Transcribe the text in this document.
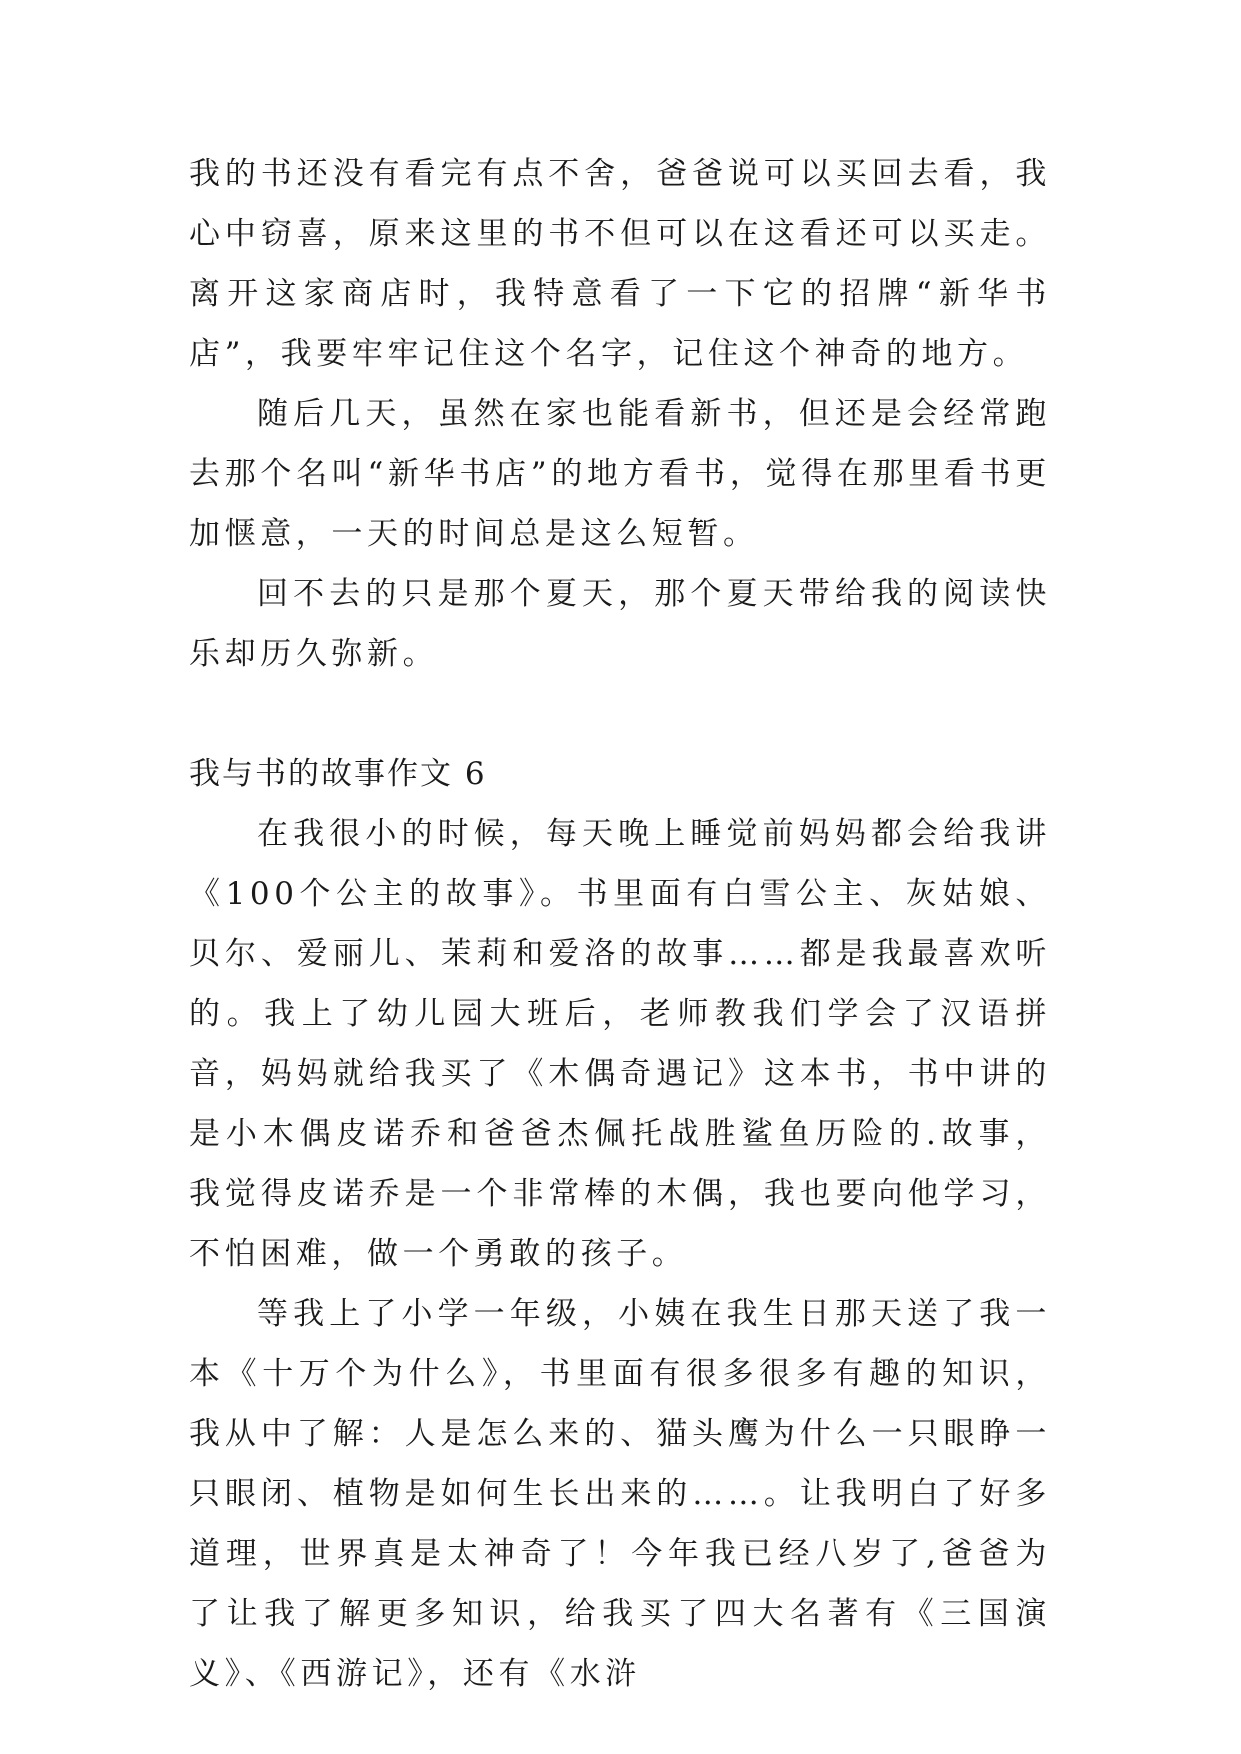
我的书还没有看完有点不舍，爸爸说可以买回去看，我心中窃喜，原来这里的书不但可以在这看还可以买走。离开这家商店时，我特意看了一下它的招牌“新华书店”，我要牢牢记住这个名字，记住这个神奇的地方。

随后几天，虽然在家也能看新书，但还是会经常跑去那个名叫“新华书店”的地方看书，觉得在那里看书更加惬意，一天的时间总是这么短暂。

回不去的只是那个夏天，那个夏天带给我的阅读快乐却历久弥新。

我与书的故事作文 6

在我很小的时候，每天晚上睡觉前妈妈都会给我讲《100个公主的故事》。书里面有白雪公主、灰姑娘、贝尔、爱丽儿、茉莉和爱洛的故事……都是我最喜欢听的。我上了幼儿园大班后，老师教我们学会了汉语拼音，妈妈就给我买了《木偶奇遇记》这本书，书中讲的是小木偶皮诺乔和爸爸杰佩托战胜鲨鱼历险的.故事，我觉得皮诺乔是一个非常棒的木偶，我也要向他学习，不怕困难，做一个勇敢的孩子。

等我上了小学一年级，小姨在我生日那天送了我一本《十万个为什么》，书里面有很多很多有趣的知识，我从中了解：人是怎么来的、猫头鹰为什么一只眼睁一只眼闭、植物是如何生长出来的……。让我明白了好多道理，世界真是太神奇了！今年我已经八岁了,爸爸为了让我了解更多知识，给我买了四大名著有《三国演义》、《西游记》，还有《水浒
